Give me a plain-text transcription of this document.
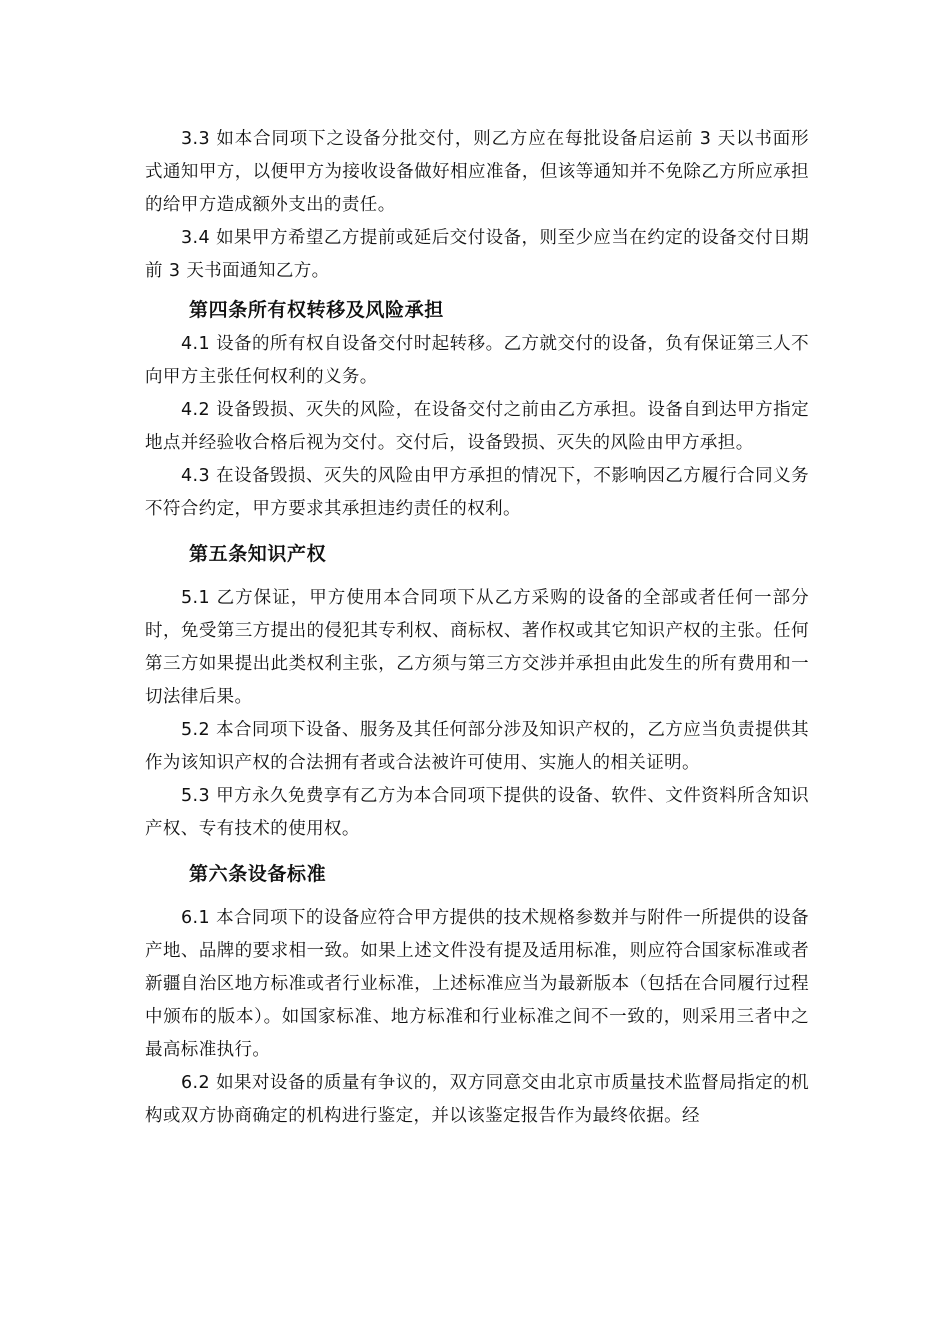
3.3 如本合同项下之设备分批交付，则乙方应在每批设备启运前 3 天以书面形式通知甲方，以便甲方为接收设备做好相应准备，但该等通知并不免除乙方所应承担的给甲方造成额外支出的责任。

3.4 如果甲方希望乙方提前或延后交付设备，则至少应当在约定的设备交付日期前 3 天书面通知乙方。

第四条所有权转移及风险承担

4.1 设备的所有权自设备交付时起转移。乙方就交付的设备，负有保证第三人不向甲方主张任何权利的义务。

4.2 设备毁损、灭失的风险，在设备交付之前由乙方承担。设备自到达甲方指定地点并经验收合格后视为交付。交付后，设备毁损、灭失的风险由甲方承担。

4.3 在设备毁损、灭失的风险由甲方承担的情况下，不影响因乙方履行合同义务不符合约定，甲方要求其承担违约责任的权利。

第五条知识产权

5.1 乙方保证，甲方使用本合同项下从乙方采购的设备的全部或者任何一部分时，免受第三方提出的侵犯其专利权、商标权、著作权或其它知识产权的主张。任何第三方如果提出此类权利主张，乙方须与第三方交涉并承担由此发生的所有费用和一切法律后果。

5.2 本合同项下设备、服务及其任何部分涉及知识产权的，乙方应当负责提供其作为该知识产权的合法拥有者或合法被许可使用、实施人的相关证明。

5.3 甲方永久免费享有乙方为本合同项下提供的设备、软件、文件资料所含知识产权、专有技术的使用权。

第六条设备标准

6.1 本合同项下的设备应符合甲方提供的技术规格参数并与附件一所提供的设备产地、品牌的要求相一致。如果上述文件没有提及适用标准，则应符合国家标准或者新疆自治区地方标准或者行业标准，上述标准应当为最新版本（包括在合同履行过程中颁布的版本）。如国家标准、地方标准和行业标准之间不一致的，则采用三者中之最高标准执行。

6.2 如果对设备的质量有争议的，双方同意交由北京市质量技术监督局指定的机构或双方协商确定的机构进行鉴定，并以该鉴定报告作为最终依据。经
